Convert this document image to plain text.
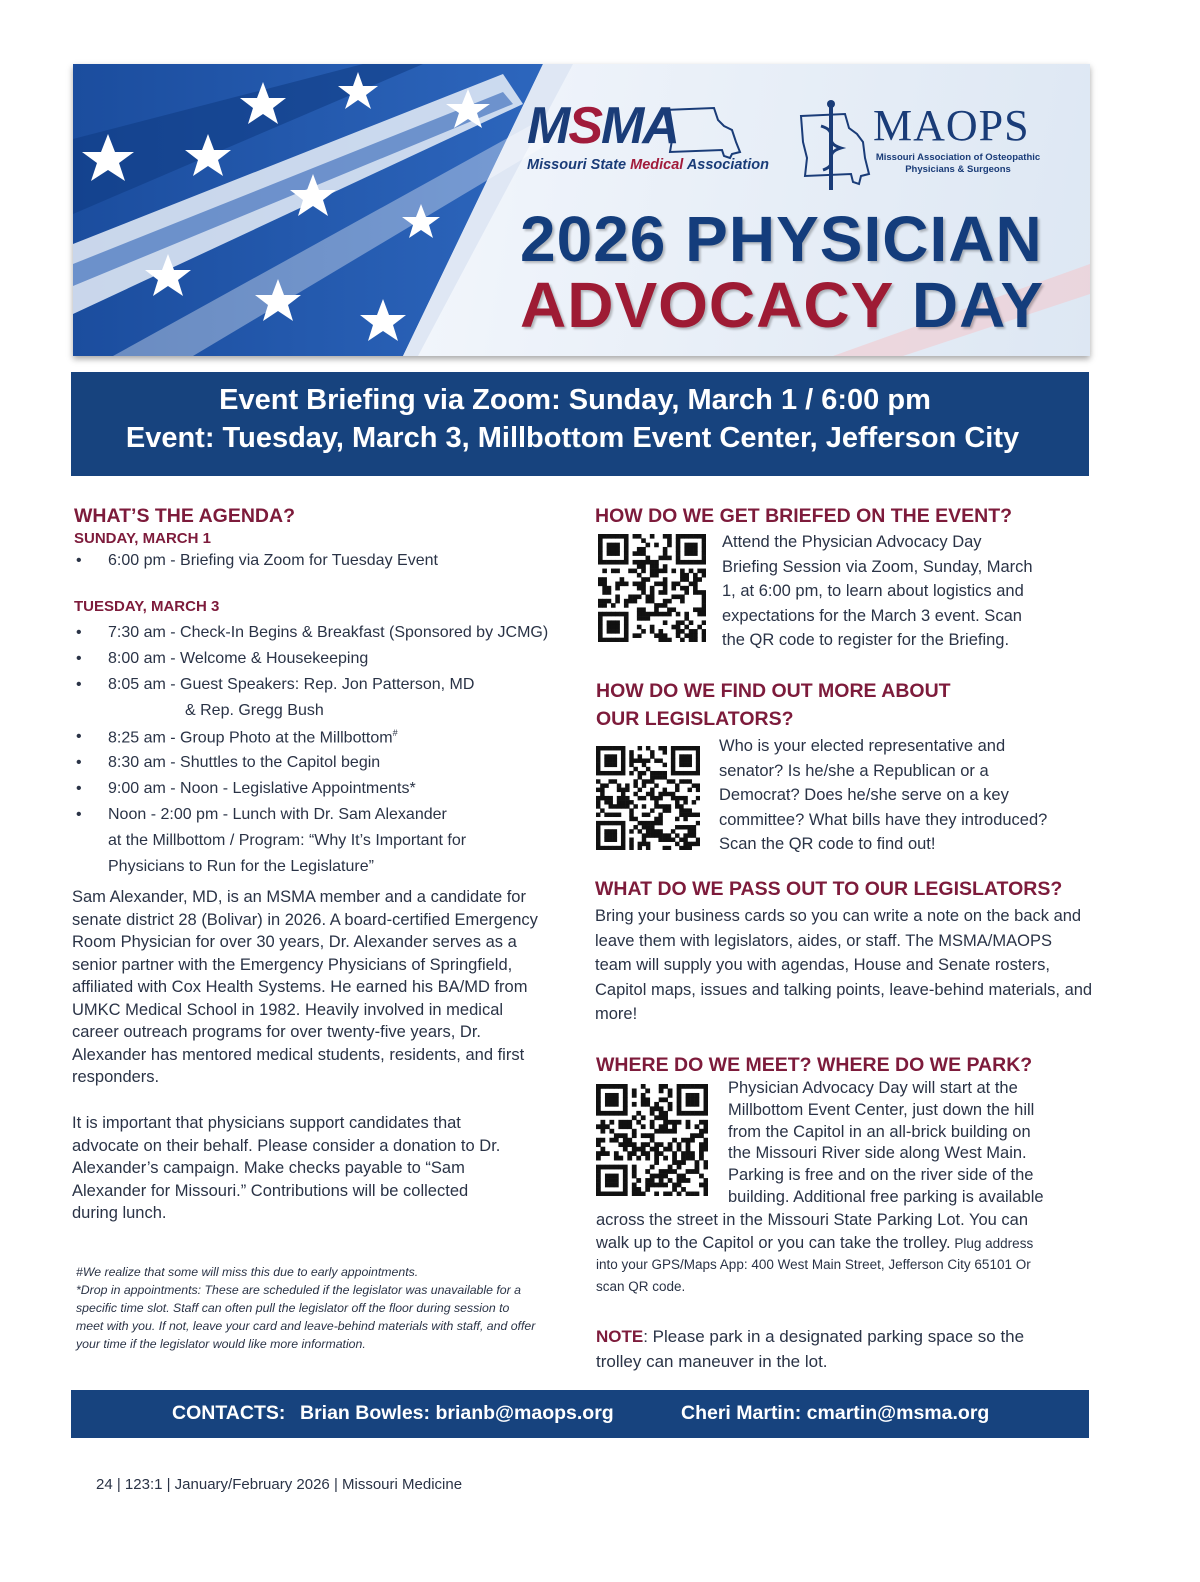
MSMA
Missouri State Medical Association
MAOPS
Missouri Association of Osteopathic
Physicians & Surgeons
2026 PHYSICIAN
ADVOCACY DAY
Event Briefing via Zoom: Sunday, March 1 / 6:00 pm
Event: Tuesday, March 3, Millbottom Event Center, Jefferson City
WHAT’S THE AGENDA?
SUNDAY, MARCH 1
• 6:00 pm - Briefing via Zoom for Tuesday Event
TUESDAY, MARCH 3
• 7:30 am - Check-In Begins & Breakfast (Sponsored by JCMG)
• 8:00 am - Welcome & Housekeeping
• 8:05 am - Guest Speakers: Rep. Jon Patterson, MD
& Rep. Gregg Bush
• 8:25 am - Group Photo at the Millbottom#
• 8:30 am - Shuttles to the Capitol begin
• 9:00 am - Noon - Legislative Appointments*
• Noon - 2:00 pm - Lunch with Dr. Sam Alexander
at the Millbottom / Program: “Why It’s Important for
Physicians to Run for the Legislature”
Sam Alexander, MD, is an MSMA member and a candidate for senate district 28 (Bolivar) in 2026. A board-certified Emergency Room Physician for over 30 years, Dr. Alexander serves as a senior partner with the Emergency Physicians of Springfield, affiliated with Cox Health Systems. He earned his BA/MD from UMKC Medical School in 1982. Heavily involved in medical career outreach programs for over twenty-five years, Dr. Alexander has mentored medical students, residents, and first responders.
It is important that physicians support candidates that advocate on their behalf. Please consider a donation to Dr. Alexander’s campaign. Make checks payable to “Sam Alexander for Missouri.” Contributions will be collected during lunch.
#We realize that some will miss this due to early appointments.
*Drop in appointments: These are scheduled if the legislator was unavailable for a specific time slot. Staff can often pull the legislator off the floor during session to meet with you. If not, leave your card and leave-behind materials with staff, and offer your time if the legislator would like more information.
HOW DO WE GET BRIEFED ON THE EVENT?
Attend the Physician Advocacy Day
Briefing Session via Zoom, Sunday, March
1, at 6:00 pm, to learn about logistics and
expectations for the March 3 event. Scan
the QR code to register for the Briefing.
HOW DO WE FIND OUT MORE ABOUT
OUR LEGISLATORS?
Who is your elected representative and
senator? Is he/she a Republican or a
Democrat? Does he/she serve on a key
committee? What bills have they introduced?
Scan the QR code to find out!
WHAT DO WE PASS OUT TO OUR LEGISLATORS?
Bring your business cards so you can write a note on the back and leave them with legislators, aides, or staff. The MSMA/MAOPS team will supply you with agendas, House and Senate rosters, Capitol maps, issues and talking points, leave-behind materials, and more!
WHERE DO WE MEET? WHERE DO WE PARK?
Physician Advocacy Day will start at the
Millbottom Event Center, just down the hill
from the Capitol in an all-brick building on
the Missouri River side along West Main.
Parking is free and on the river side of the
building. Additional free parking is available
across the street in the Missouri State Parking Lot. You can
walk up to the Capitol or you can take the trolley. Plug address
into your GPS/Maps App: 400 West Main Street, Jefferson City 65101 Or
scan QR code.
NOTE: Please park in a designated parking space so the
trolley can maneuver in the lot.
CONTACTS: Brian Bowles: brianb@maops.org	Cheri Martin: cmartin@msma.org
24 | 123:1 | January/February 2026 | Missouri Medicine
